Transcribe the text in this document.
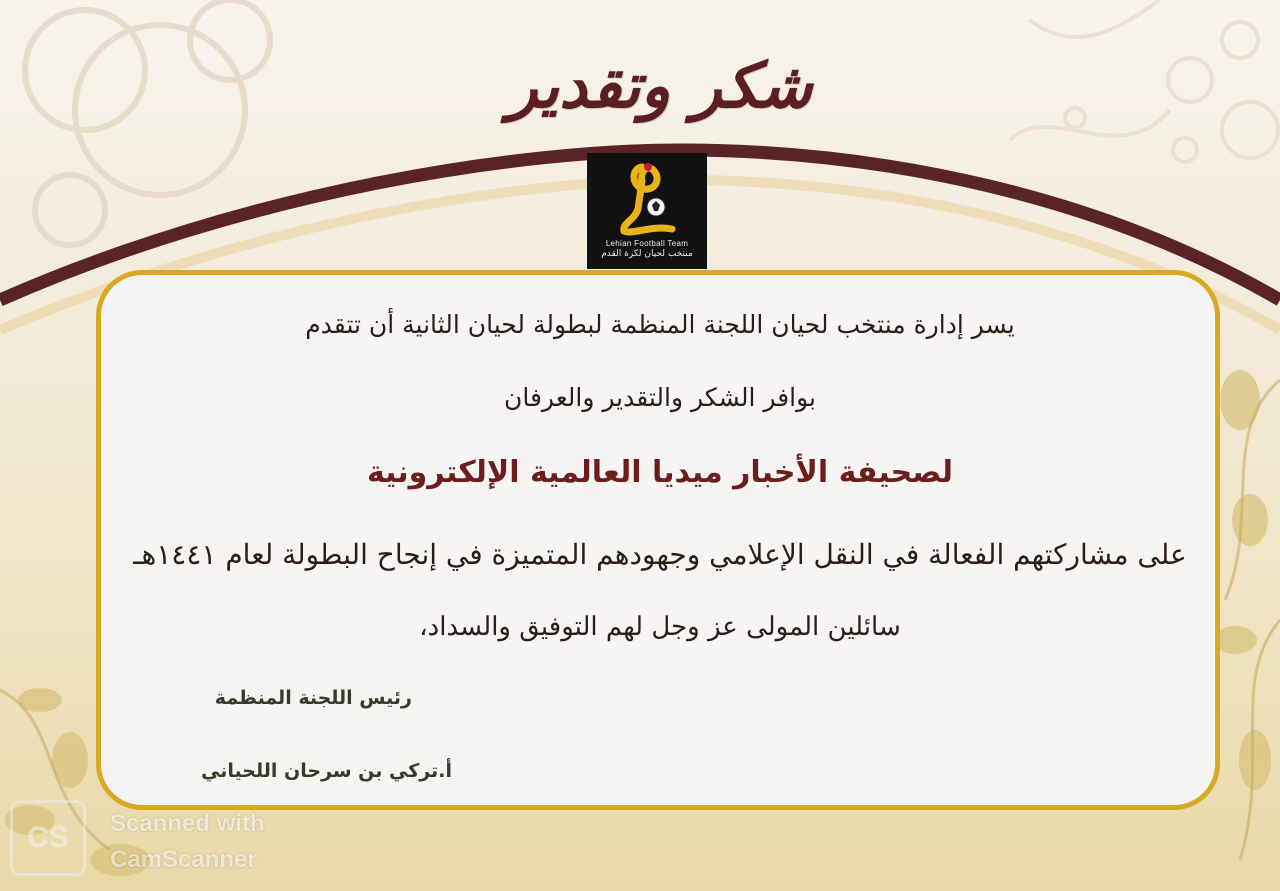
شكر وتقدير
Lehian Football Team
منتخب لحيان لكرة القدم
يسر إدارة منتخب لحيان اللجنة المنظمة لبطولة لحيان الثانية أن تتقدم
بوافر الشكر والتقدير والعرفان
لصحيفة الأخبار ميديا العالمية الإلكترونية
على مشاركتهم الفعالة في النقل الإعلامي وجهودهم المتميزة في إنجاح البطولة لعام ١٤٤١هـ
سائلين المولى عز وجل لهم التوفيق والسداد،
رئيس اللجنة المنظمة
أ.تركي بن سرحان اللحياني
CS	Scanned with
CamScanner
